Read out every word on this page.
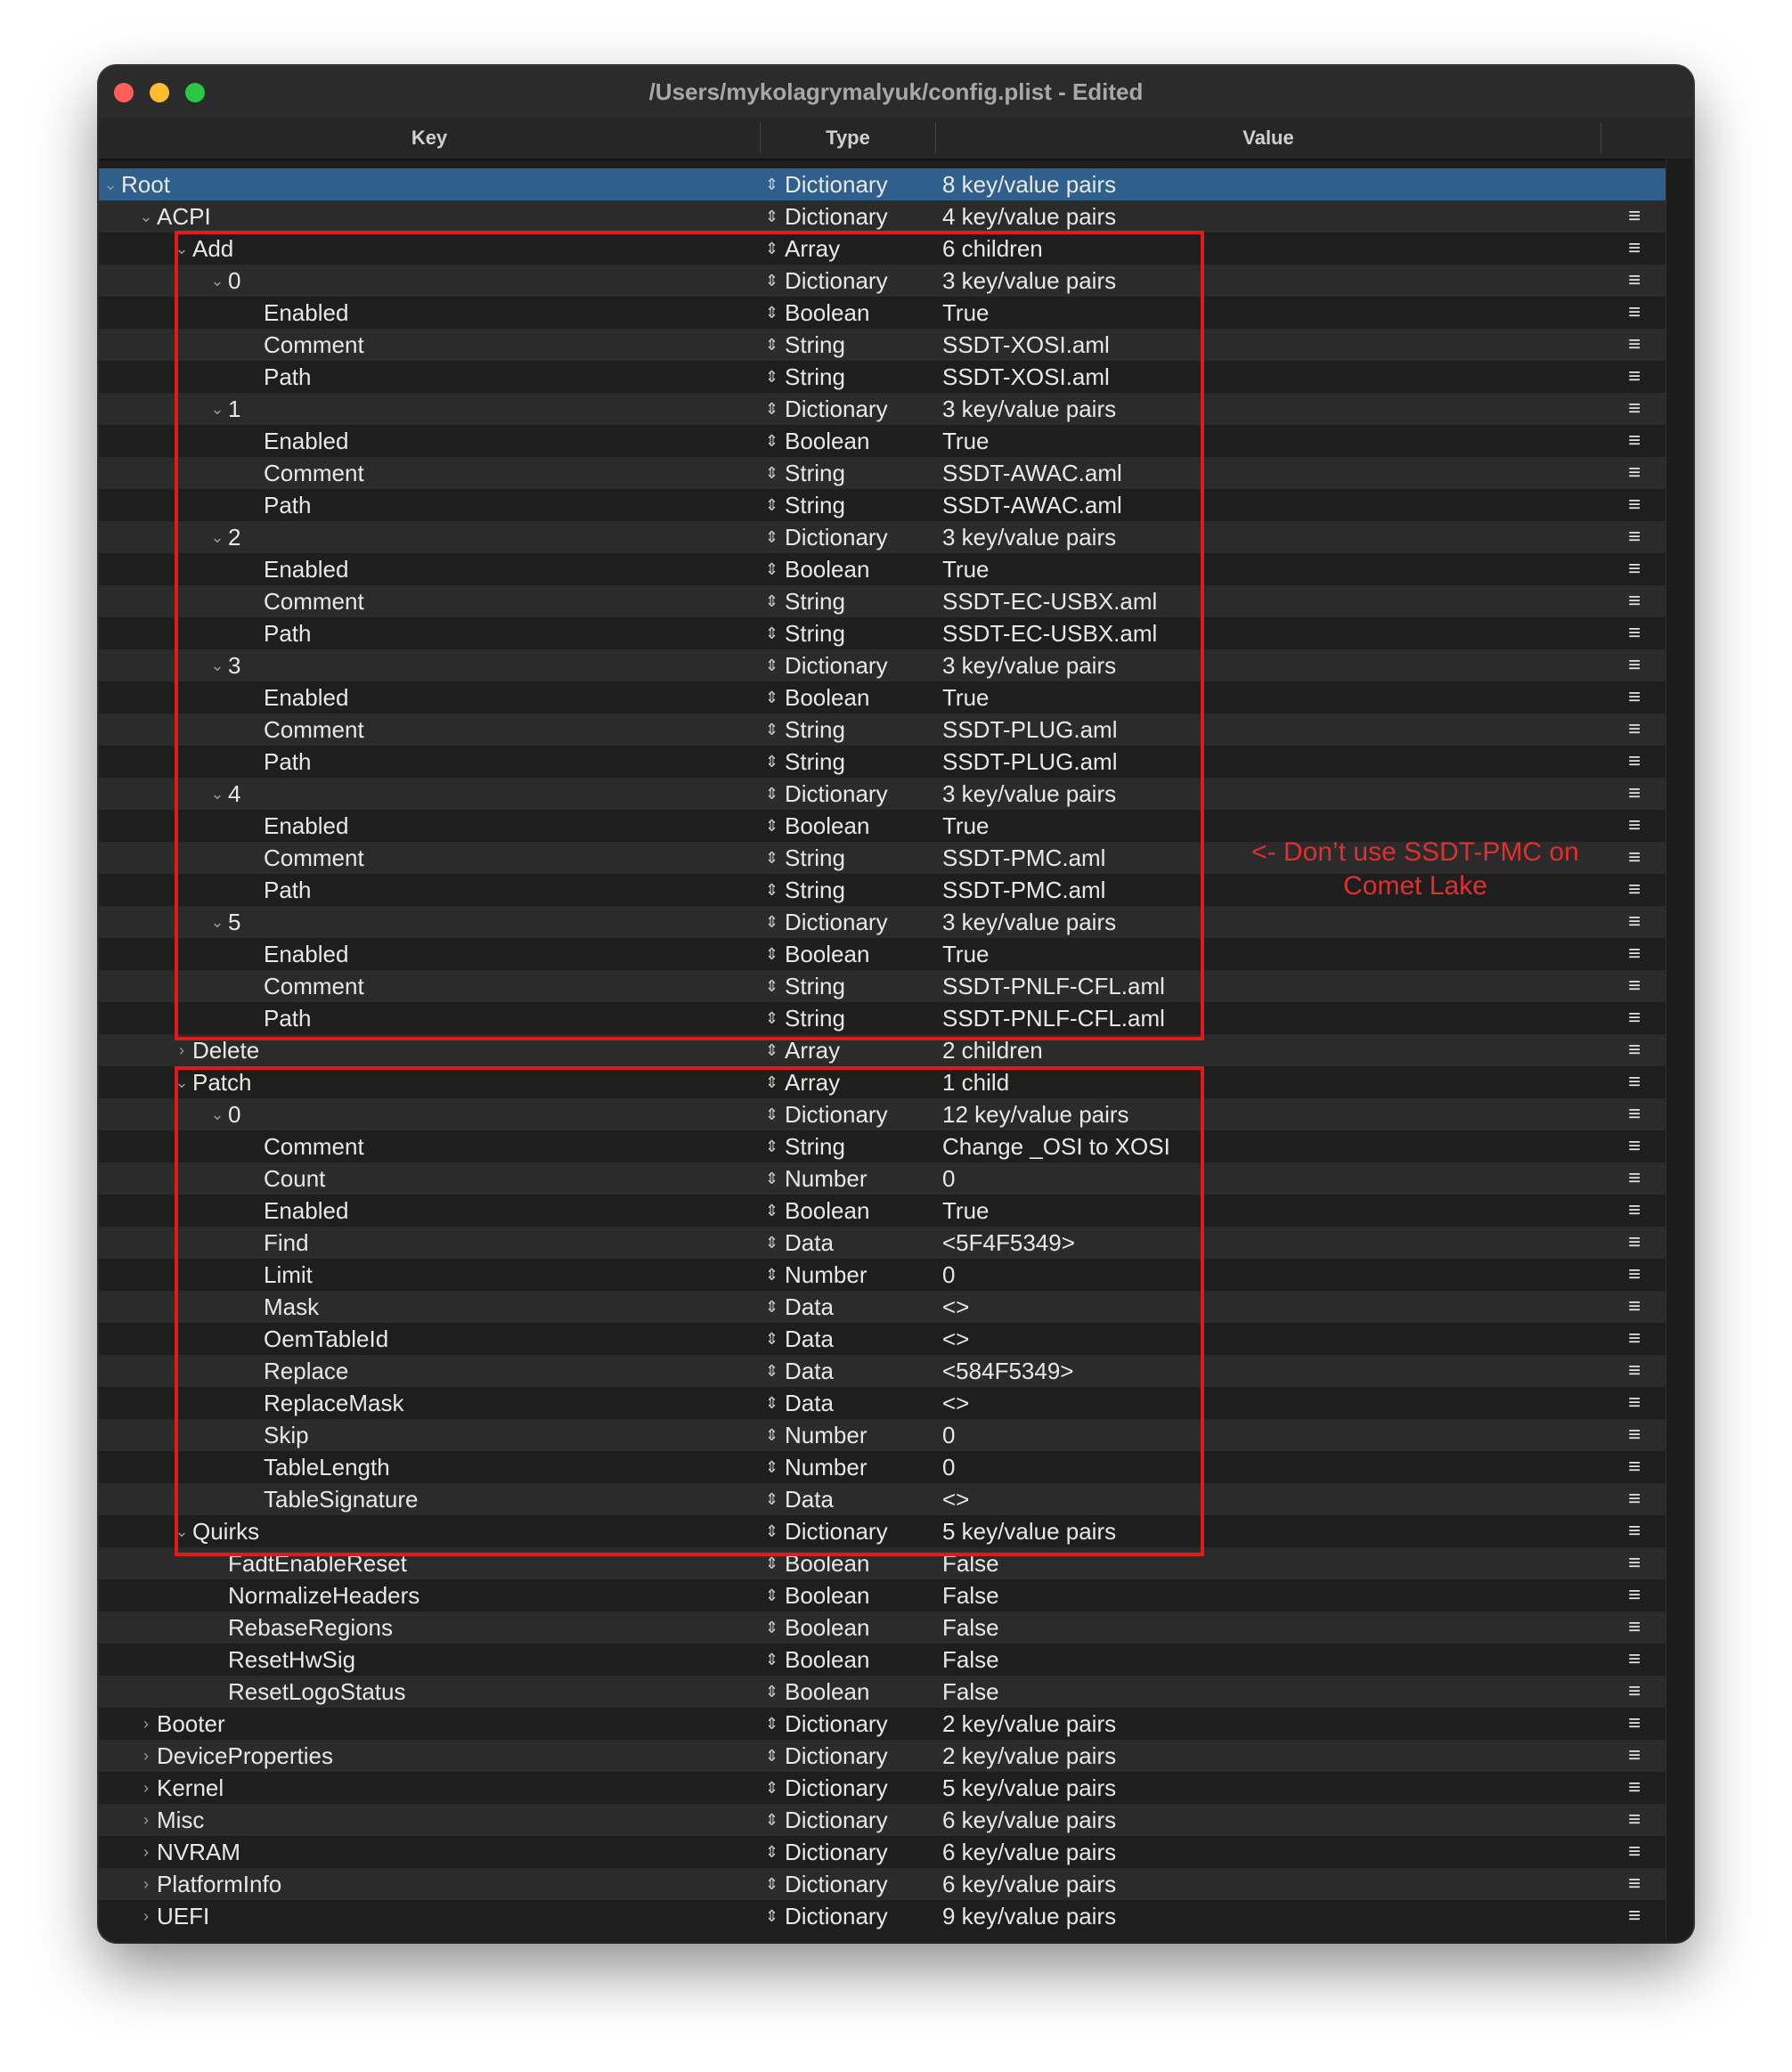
/Users/mykolagrymalyuk/config.plist - Edited
Key	Type	Value
⌄ Root	⇕ Dictionary 8 key/value pairs
⌄ ACPI	⇕ Dictionary 4 key/value pairs	≡
⌄ Add	⇕ Array	6 children	≡
⌄ 0	⇕ Dictionary 3 key/value pairs	≡
Enabled	⇕ Boolean	True	≡
Comment	⇕ String	SSDT-XOSI.aml	≡
Path	⇕ String	SSDT-XOSI.aml	≡
⌄ 1	⇕ Dictionary 3 key/value pairs	≡
Enabled	⇕ Boolean	True	≡
Comment	⇕ String	SSDT-AWAC.aml	≡
Path	⇕ String	SSDT-AWAC.aml	≡
⌄ 2	⇕ Dictionary 3 key/value pairs	≡
Enabled	⇕ Boolean	True	≡
Comment	⇕ String	SSDT-EC-USBX.aml	≡
Path	⇕ String	SSDT-EC-USBX.aml	≡
⌄ 3	⇕ Dictionary 3 key/value pairs	≡
Enabled	⇕ Boolean	True	≡
Comment	⇕ String	SSDT-PLUG.aml	≡
Path	⇕ String	SSDT-PLUG.aml	≡
⌄ 4	⇕ Dictionary 3 key/value pairs	≡
Enabled	⇕ Boolean	True	≡
Comment	⇕ String	SSDT-PMC.aml	≡
Path	⇕ String	SSDT-PMC.aml	≡
⌄ 5	⇕ Dictionary 3 key/value pairs	≡
Enabled	⇕ Boolean	True	≡
Comment	⇕ String	SSDT-PNLF-CFL.aml	≡
Path	⇕ String	SSDT-PNLF-CFL.aml	≡
› Delete	⇕ Array	2 children	≡
⌄ Patch	⇕ Array	1 child	≡
⌄ 0	⇕ Dictionary 12 key/value pairs	≡
Comment	⇕ String	Change _OSI to XOSI	≡
Count	⇕ Number	0	≡
Enabled	⇕ Boolean	True	≡
Find	⇕ Data	<5F4F5349>	≡
Limit	⇕ Number	0	≡
Mask	⇕ Data	<>	≡
OemTableId	⇕ Data	<>	≡
Replace	⇕ Data	<584F5349>	≡
ReplaceMask	⇕ Data	<>	≡
Skip	⇕ Number	0	≡
TableLength	⇕ Number	0	≡
TableSignature	⇕ Data	<>	≡
⌄ Quirks	⇕ Dictionary 5 key/value pairs	≡
FadtEnableReset	⇕ Boolean	False	≡
NormalizeHeaders	⇕ Boolean	False	≡
RebaseRegions	⇕ Boolean	False	≡
ResetHwSig	⇕ Boolean	False	≡
ResetLogoStatus	⇕ Boolean	False	≡
› Booter	⇕ Dictionary 2 key/value pairs	≡
› DeviceProperties	⇕ Dictionary 2 key/value pairs	≡
› Kernel	⇕ Dictionary 5 key/value pairs	≡
› Misc	⇕ Dictionary 6 key/value pairs	≡
› NVRAM	⇕ Dictionary 6 key/value pairs	≡
› PlatformInfo	⇕ Dictionary 6 key/value pairs	≡
› UEFI	⇕ Dictionary 9 key/value pairs	≡
<- Don’t use SSDT-PMC on
Comet Lake
